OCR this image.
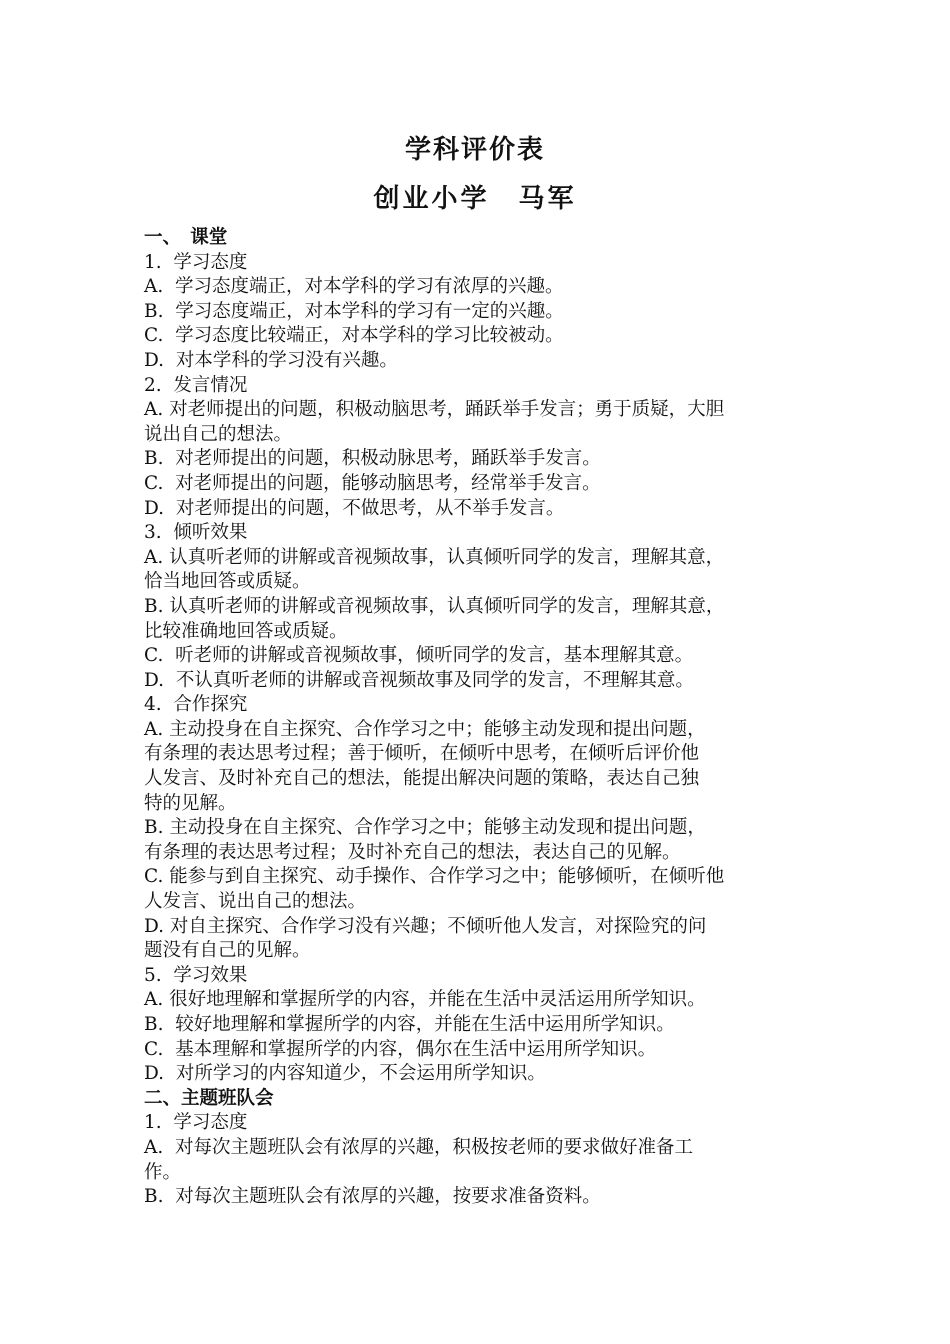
学科评价表
创业小学　马军
一、　课堂
1.  学习态度
A.  学习态度端正，对本学科的学习有浓厚的兴趣。
B.  学习态度端正，对本学科的学习有一定的兴趣。
C.  学习态度比较端正，对本学科的学习比较被动。
D.  对本学科的学习没有兴趣。
2.  发言情况
A. 对老师提出的问题，积极动脑思考，踊跃举手发言；勇于质疑，大胆
说出自己的想法。
B.  对老师提出的问题，积极动脉思考，踊跃举手发言。
C.  对老师提出的问题，能够动脑思考，经常举手发言。
D.  对老师提出的问题，不做思考，从不举手发言。
3.  倾听效果
A. 认真听老师的讲解或音视频故事，认真倾听同学的发言，理解其意，
恰当地回答或质疑。
B. 认真听老师的讲解或音视频故事，认真倾听同学的发言，理解其意，
比较准确地回答或质疑。
C.  听老师的讲解或音视频故事，倾听同学的发言，基本理解其意。
D.  不认真听老师的讲解或音视频故事及同学的发言，不理解其意。
4.  合作探究
A. 主动投身在自主探究、合作学习之中；能够主动发现和提出问题，
有条理的表达思考过程；善于倾听，在倾听中思考，在倾听后评价他
人发言、及时补充自己的想法，能提出解决问题的策略，表达自己独
特的见解。
B. 主动投身在自主探究、合作学习之中；能够主动发现和提出问题，
有条理的表达思考过程；及时补充自己的想法，表达自己的见解。
C. 能参与到自主探究、动手操作、合作学习之中；能够倾听，在倾听他
人发言、说出自己的想法。
D. 对自主探究、合作学习没有兴趣；不倾听他人发言，对探险究的问
题没有自己的见解。
5.  学习效果
A. 很好地理解和掌握所学的内容，并能在生活中灵活运用所学知识。
B.  较好地理解和掌握所学的内容，并能在生活中运用所学知识。
C.  基本理解和掌握所学的内容，偶尔在生活中运用所学知识。
D.  对所学习的内容知道少，不会运用所学知识。
二、主题班队会
1.  学习态度
A.  对每次主题班队会有浓厚的兴趣，积极按老师的要求做好准备工
作。
B.  对每次主题班队会有浓厚的兴趣，按要求准备资料。
